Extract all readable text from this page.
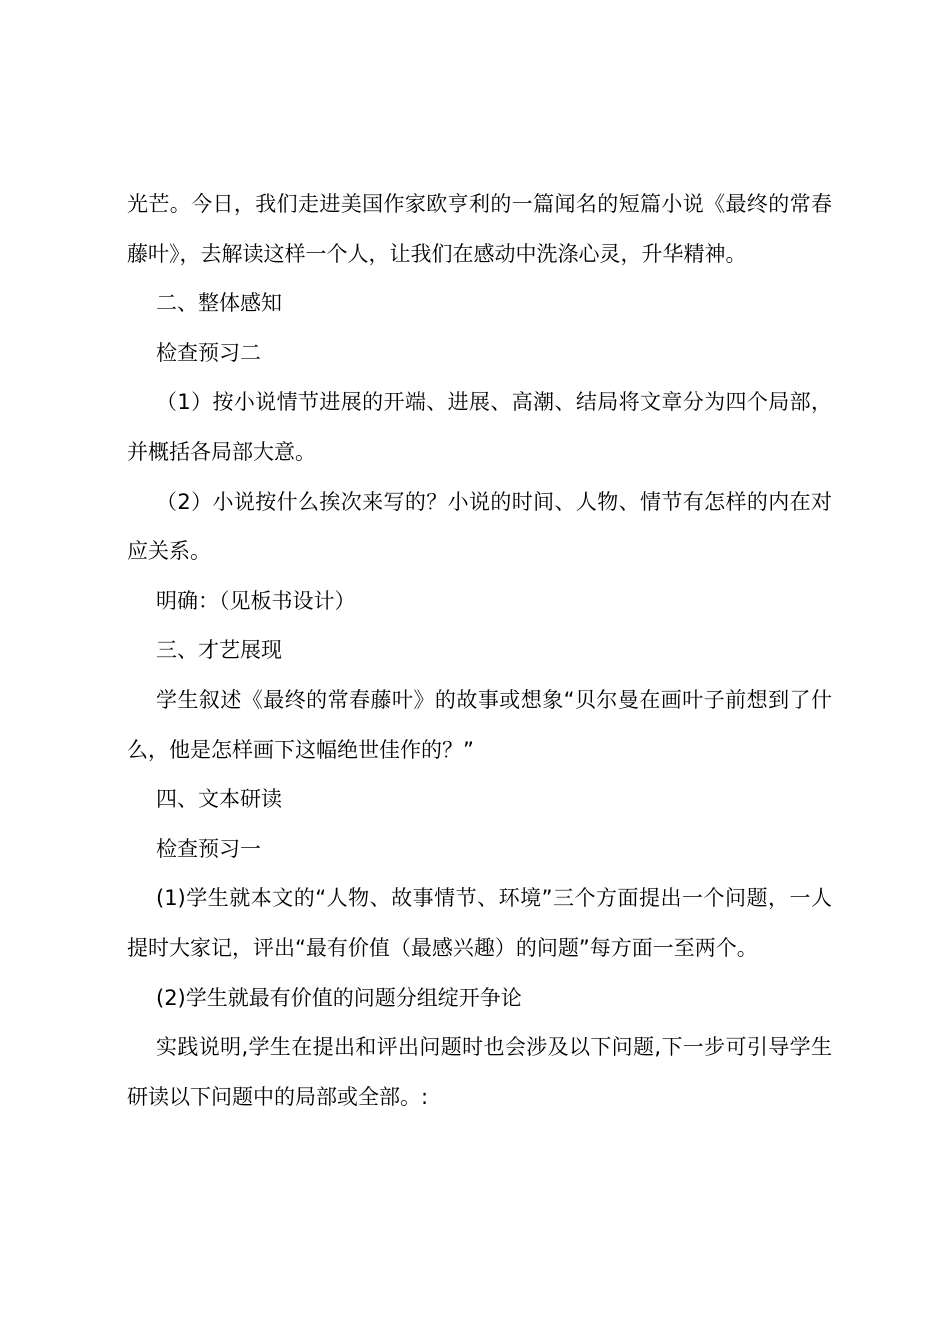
光芒。今日，我们走进美国作家欧亨利的一篇闻名的短篇小说《最终的常春藤叶》，去解读这样一个人，让我们在感动中洗涤心灵，升华精神。

二、整体感知

检查预习二

（1）按小说情节进展的开端、进展、高潮、结局将文章分为四个局部，并概括各局部大意。

（2）小说按什么挨次来写的？小说的时间、人物、情节有怎样的内在对应关系。

明确：（见板书设计）

三、才艺展现

学生叙述《最终的常春藤叶》的故事或想象“贝尔曼在画叶子前想到了什么，他是怎样画下这幅绝世佳作的？”

四、文本研读

检查预习一

(1)学生就本文的“人物、故事情节、环境”三个方面提出一个问题，一人提时大家记，评出“最有价值（最感兴趣）的问题”每方面一至两个。

(2)学生就最有价值的问题分组绽开争论

实践说明,学生在提出和评出问题时也会涉及以下问题,下一步可引导学生研读以下问题中的局部或全部。:
